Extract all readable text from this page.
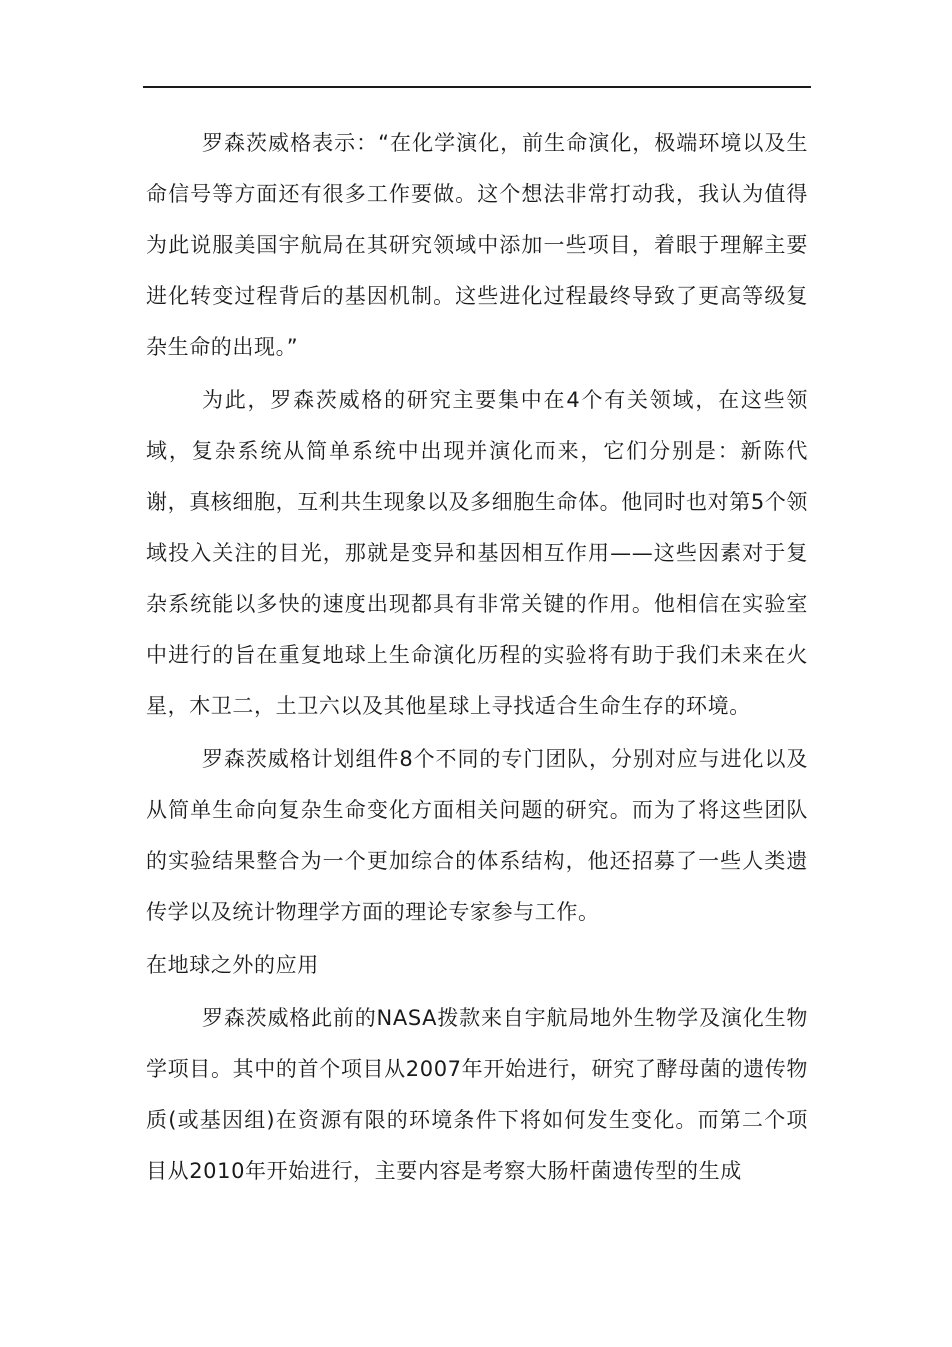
罗森茨威格表示：“在化学演化，前生命演化，极端环境以及生命信号等方面还有很多工作要做。这个想法非常打动我，我认为值得为此说服美国宇航局在其研究领域中添加一些项目，着眼于理解主要进化转变过程背后的基因机制。这些进化过程最终导致了更高等级复杂生命的出现。”

为此，罗森茨威格的研究主要集中在4个有关领域，在这些领域，复杂系统从简单系统中出现并演化而来，它们分别是：新陈代谢，真核细胞，互利共生现象以及多细胞生命体。他同时也对第5个领域投入关注的目光，那就是变异和基因相互作用——这些因素对于复杂系统能以多快的速度出现都具有非常关键的作用。他相信在实验室中进行的旨在重复地球上生命演化历程的实验将有助于我们未来在火星，木卫二，土卫六以及其他星球上寻找适合生命生存的环境。

罗森茨威格计划组件8个不同的专门团队，分别对应与进化以及从简单生命向复杂生命变化方面相关问题的研究。而为了将这些团队的实验结果整合为一个更加综合的体系结构，他还招募了一些人类遗传学以及统计物理学方面的理论专家参与工作。

在地球之外的应用

罗森茨威格此前的NASA拨款来自宇航局地外生物学及演化生物学项目。其中的首个项目从2007年开始进行，研究了酵母菌的遗传物质(或基因组)在资源有限的环境条件下将如何发生变化。而第二个项目从2010年开始进行，主要内容是考察大肠杆菌遗传型的生成
